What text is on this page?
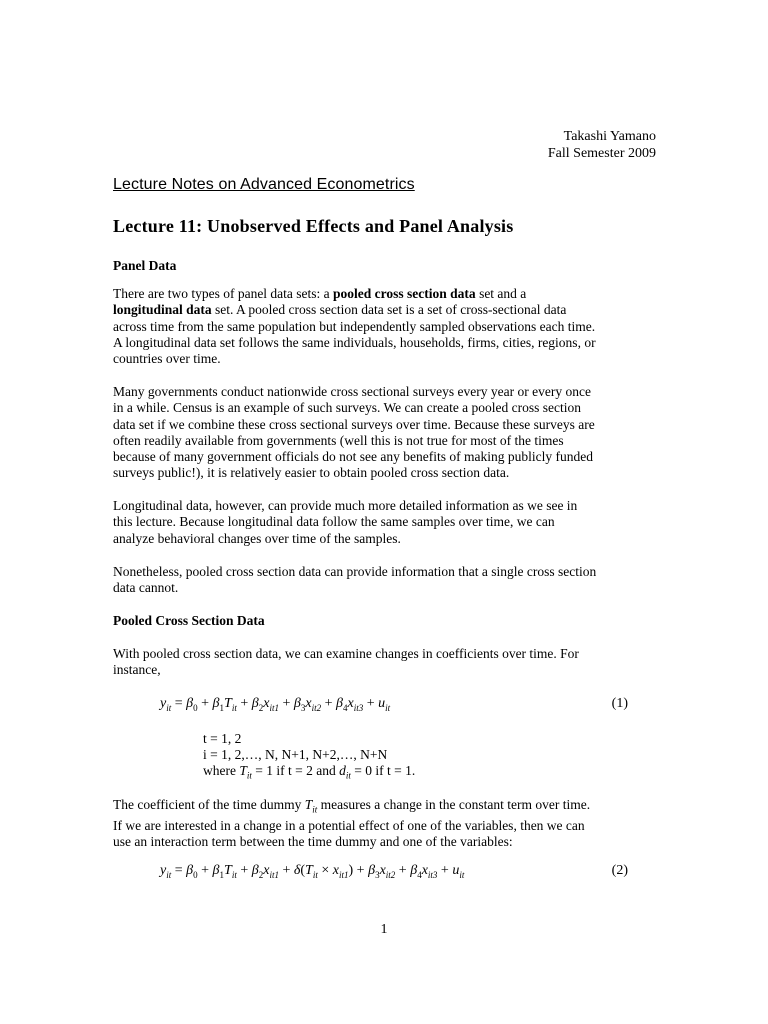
Takashi Yamano
Fall Semester 2009
Lecture Notes on Advanced Econometrics
Lecture 11: Unobserved Effects and Panel Analysis
Panel Data
There are two types of panel data sets: a pooled cross section data set and a
longitudinal data set. A pooled cross section data set is a set of cross-sectional data
across time from the same population but independently sampled observations each time.
A longitudinal data set follows the same individuals, households, firms, cities, regions, or
countries over time.
Many governments conduct nationwide cross sectional surveys every year or every once
in a while. Census is an example of such surveys. We can create a pooled cross section
data set if we combine these cross sectional surveys over time. Because these surveys are
often readily available from governments (well this is not true for most of the times
because of many government officials do not see any benefits of making publicly funded
surveys public!), it is relatively easier to obtain pooled cross section data.
Longitudinal data, however, can provide much more detailed information as we see in
this lecture. Because longitudinal data follow the same samples over time, we can
analyze behavioral changes over time of the samples.
Nonetheless, pooled cross section data can provide information that a single cross section
data cannot.
Pooled Cross Section Data
With pooled cross section data, we can examine changes in coefficients over time. For
instance,
$y_{it} = \beta_0 + \beta_1T_{it} + \beta_2x_{it1} + \beta_3x_{it2} + \beta_4x_{it3} + u_{it}$	(1)
t = 1, 2
i = 1, 2,…, N, N+1, N+2,…, N+N
where $T_{it} = 1$ if t = 2 and $d_{it} = 0$ if t = 1.
The coefficient of the time dummy $T_{it}$ measures a change in the constant term over time.
If we are interested in a change in a potential effect of one of the variables, then we can
use an interaction term between the time dummy and one of the variables:
$y_{it} = \beta_0 + \beta_1T_{it} + \beta_2x_{it1} + \delta(T_{it} \times x_{it1}) + \beta_3x_{it2} + \beta_4x_{it3} + u_{it}$	(2)
1
